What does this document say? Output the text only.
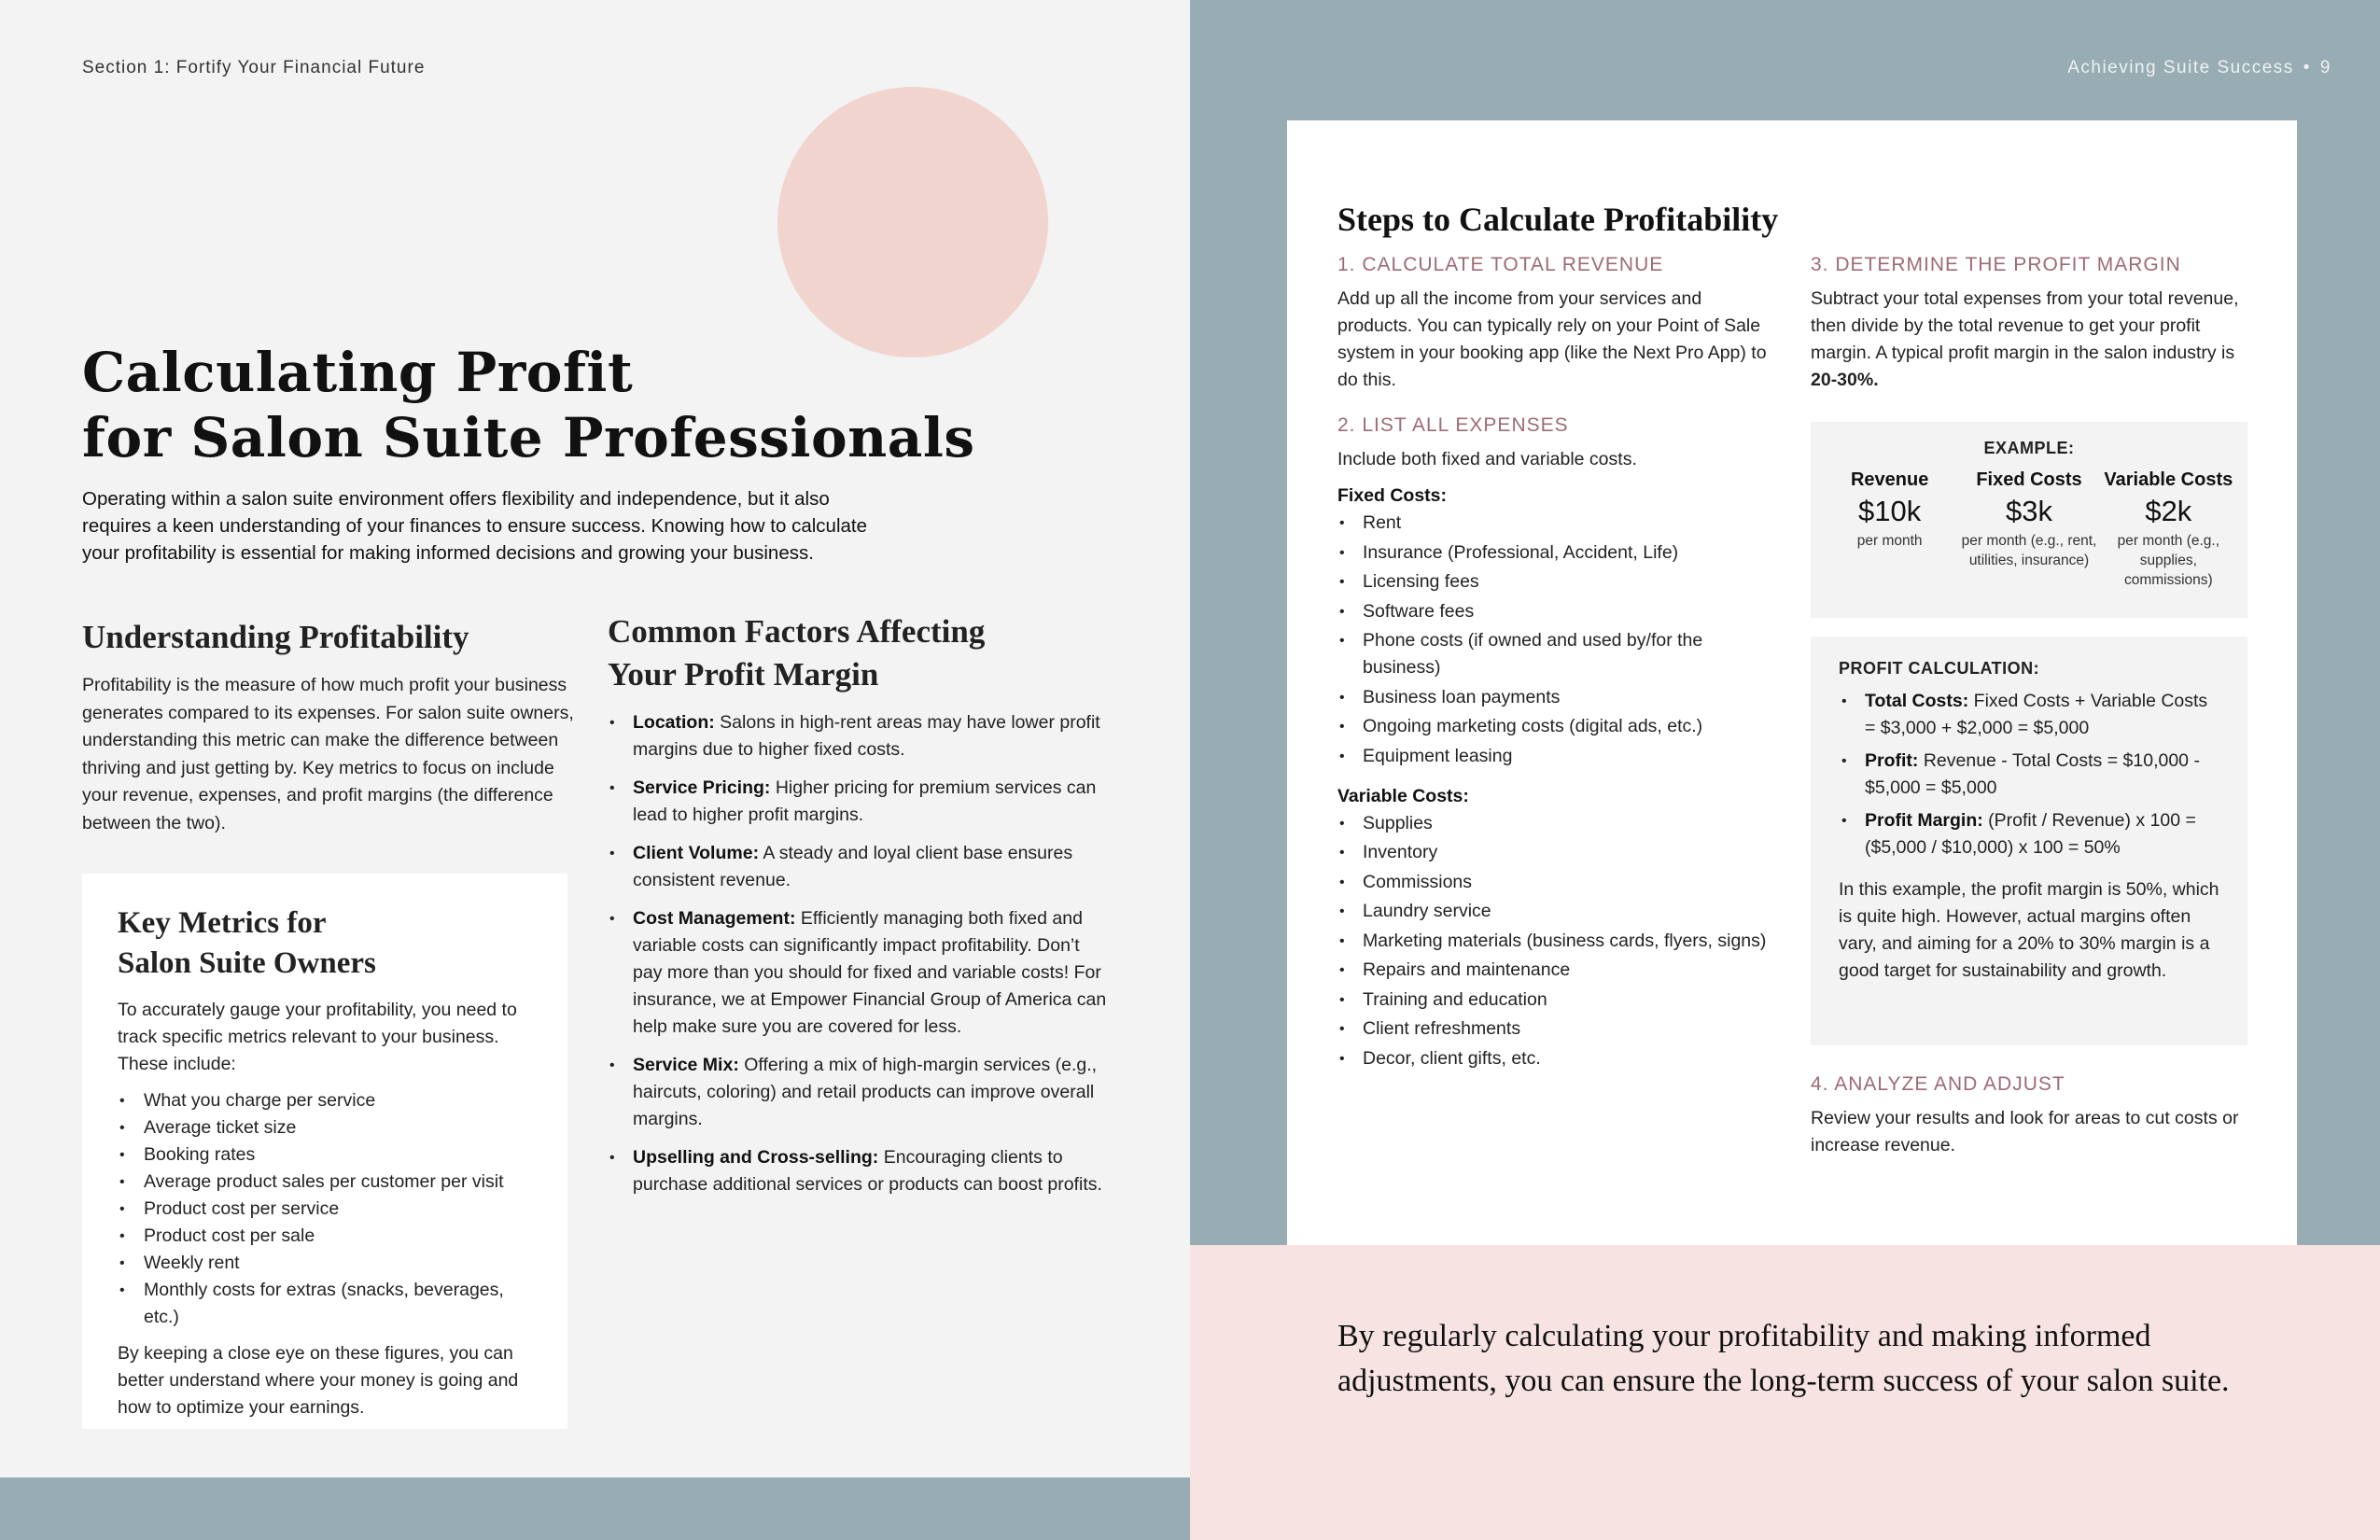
Section 1: Fortify Your Financial Future
Calculating Profit
for Salon Suite Professionals

Operating within a salon suite environment offers flexibility and independence, but it also requires a keen understanding of your finances to ensure success. Knowing how to calculate your profitability is essential for making informed decisions and growing your business.

Understanding Profitability

Profitability is the measure of how much profit your business generates compared to its expenses. For salon suite owners, understanding this metric can make the difference between thriving and just getting by. Key metrics to focus on include your revenue, expenses, and profit margins (the difference between the two).

Key Metrics for
Salon Suite Owners

To accurately gauge your profitability, you need to track specific metrics relevant to your business. These include:

• What you charge per service
• Average ticket size
• Booking rates
• Average product sales per customer per visit
• Product cost per service
• Product cost per sale
• Weekly rent
• Monthly costs for extras (snacks, beverages, etc.)

By keeping a close eye on these figures, you can better understand where your money is going and how to optimize your earnings.

Common Factors Affecting
Your Profit Margin
• Location: Salons in high-rent areas may have lower profit margins due to higher fixed costs.
• Service Pricing: Higher pricing for premium services can lead to higher profit margins.
• Client Volume: A steady and loyal client base ensures consistent revenue.
• Cost Management: Efficiently managing both fixed and variable costs can significantly impact profitability. Don’t pay more than you should for fixed and variable costs! For insurance, we at Empower Financial Group of America can help make sure you are covered for less.
• Service Mix: Offering a mix of high-margin services (e.g., haircuts, coloring) and retail products can improve overall margins.
• Upselling and Cross-selling: Encouraging clients to purchase additional services or products can boost profits.
Achieving Suite Success • 9
Steps to Calculate Profitability
1. CALCULATE TOTAL REVENUE

Add up all the income from your services and products. You can typically rely on your Point of Sale system in your booking app (like the Next Pro App) to do this.

2. LIST ALL EXPENSES

Include both fixed and variable costs.

Fixed Costs:

• Rent
• Insurance (Professional, Accident, Life)
• Licensing fees
• Software fees
• Phone costs (if owned and used by/for the business)
• Business loan payments
• Ongoing marketing costs (digital ads, etc.)
• Equipment leasing

Variable Costs:

• Supplies
• Inventory
• Commissions
• Laundry service
• Marketing materials (business cards, flyers, signs)
• Repairs and maintenance
• Training and education
• Client refreshments
• Decor, client gifts, etc.
3. DETERMINE THE PROFIT MARGIN

Subtract your total expenses from your total revenue, then divide by the total revenue to get your profit margin. A typical profit margin in the salon industry is 20-30%.

EXAMPLE:
Revenue
$10k
per month
Fixed Costs
$3k
per month (e.g., rent, utilities, insurance)
Variable Costs
$2k
per month (e.g., supplies, commissions)
PROFIT CALCULATION:
• Total Costs: Fixed Costs + Variable Costs = $3,000 + $2,000 = $5,000
• Profit: Revenue - Total Costs = $10,000 - $5,000 = $5,000
• Profit Margin: (Profit / Revenue) x 100 = ($5,000 / $10,000) x 100 = 50%

In this example, the profit margin is 50%, which is quite high. However, actual margins often vary, and aiming for a 20% to 30% margin is a good target for sustainability and growth.

4. ANALYZE AND ADJUST

Review your results and look for areas to cut costs or increase revenue.

By regularly calculating your profitability and making informed
adjustments, you can ensure the long-term success of your salon suite.
